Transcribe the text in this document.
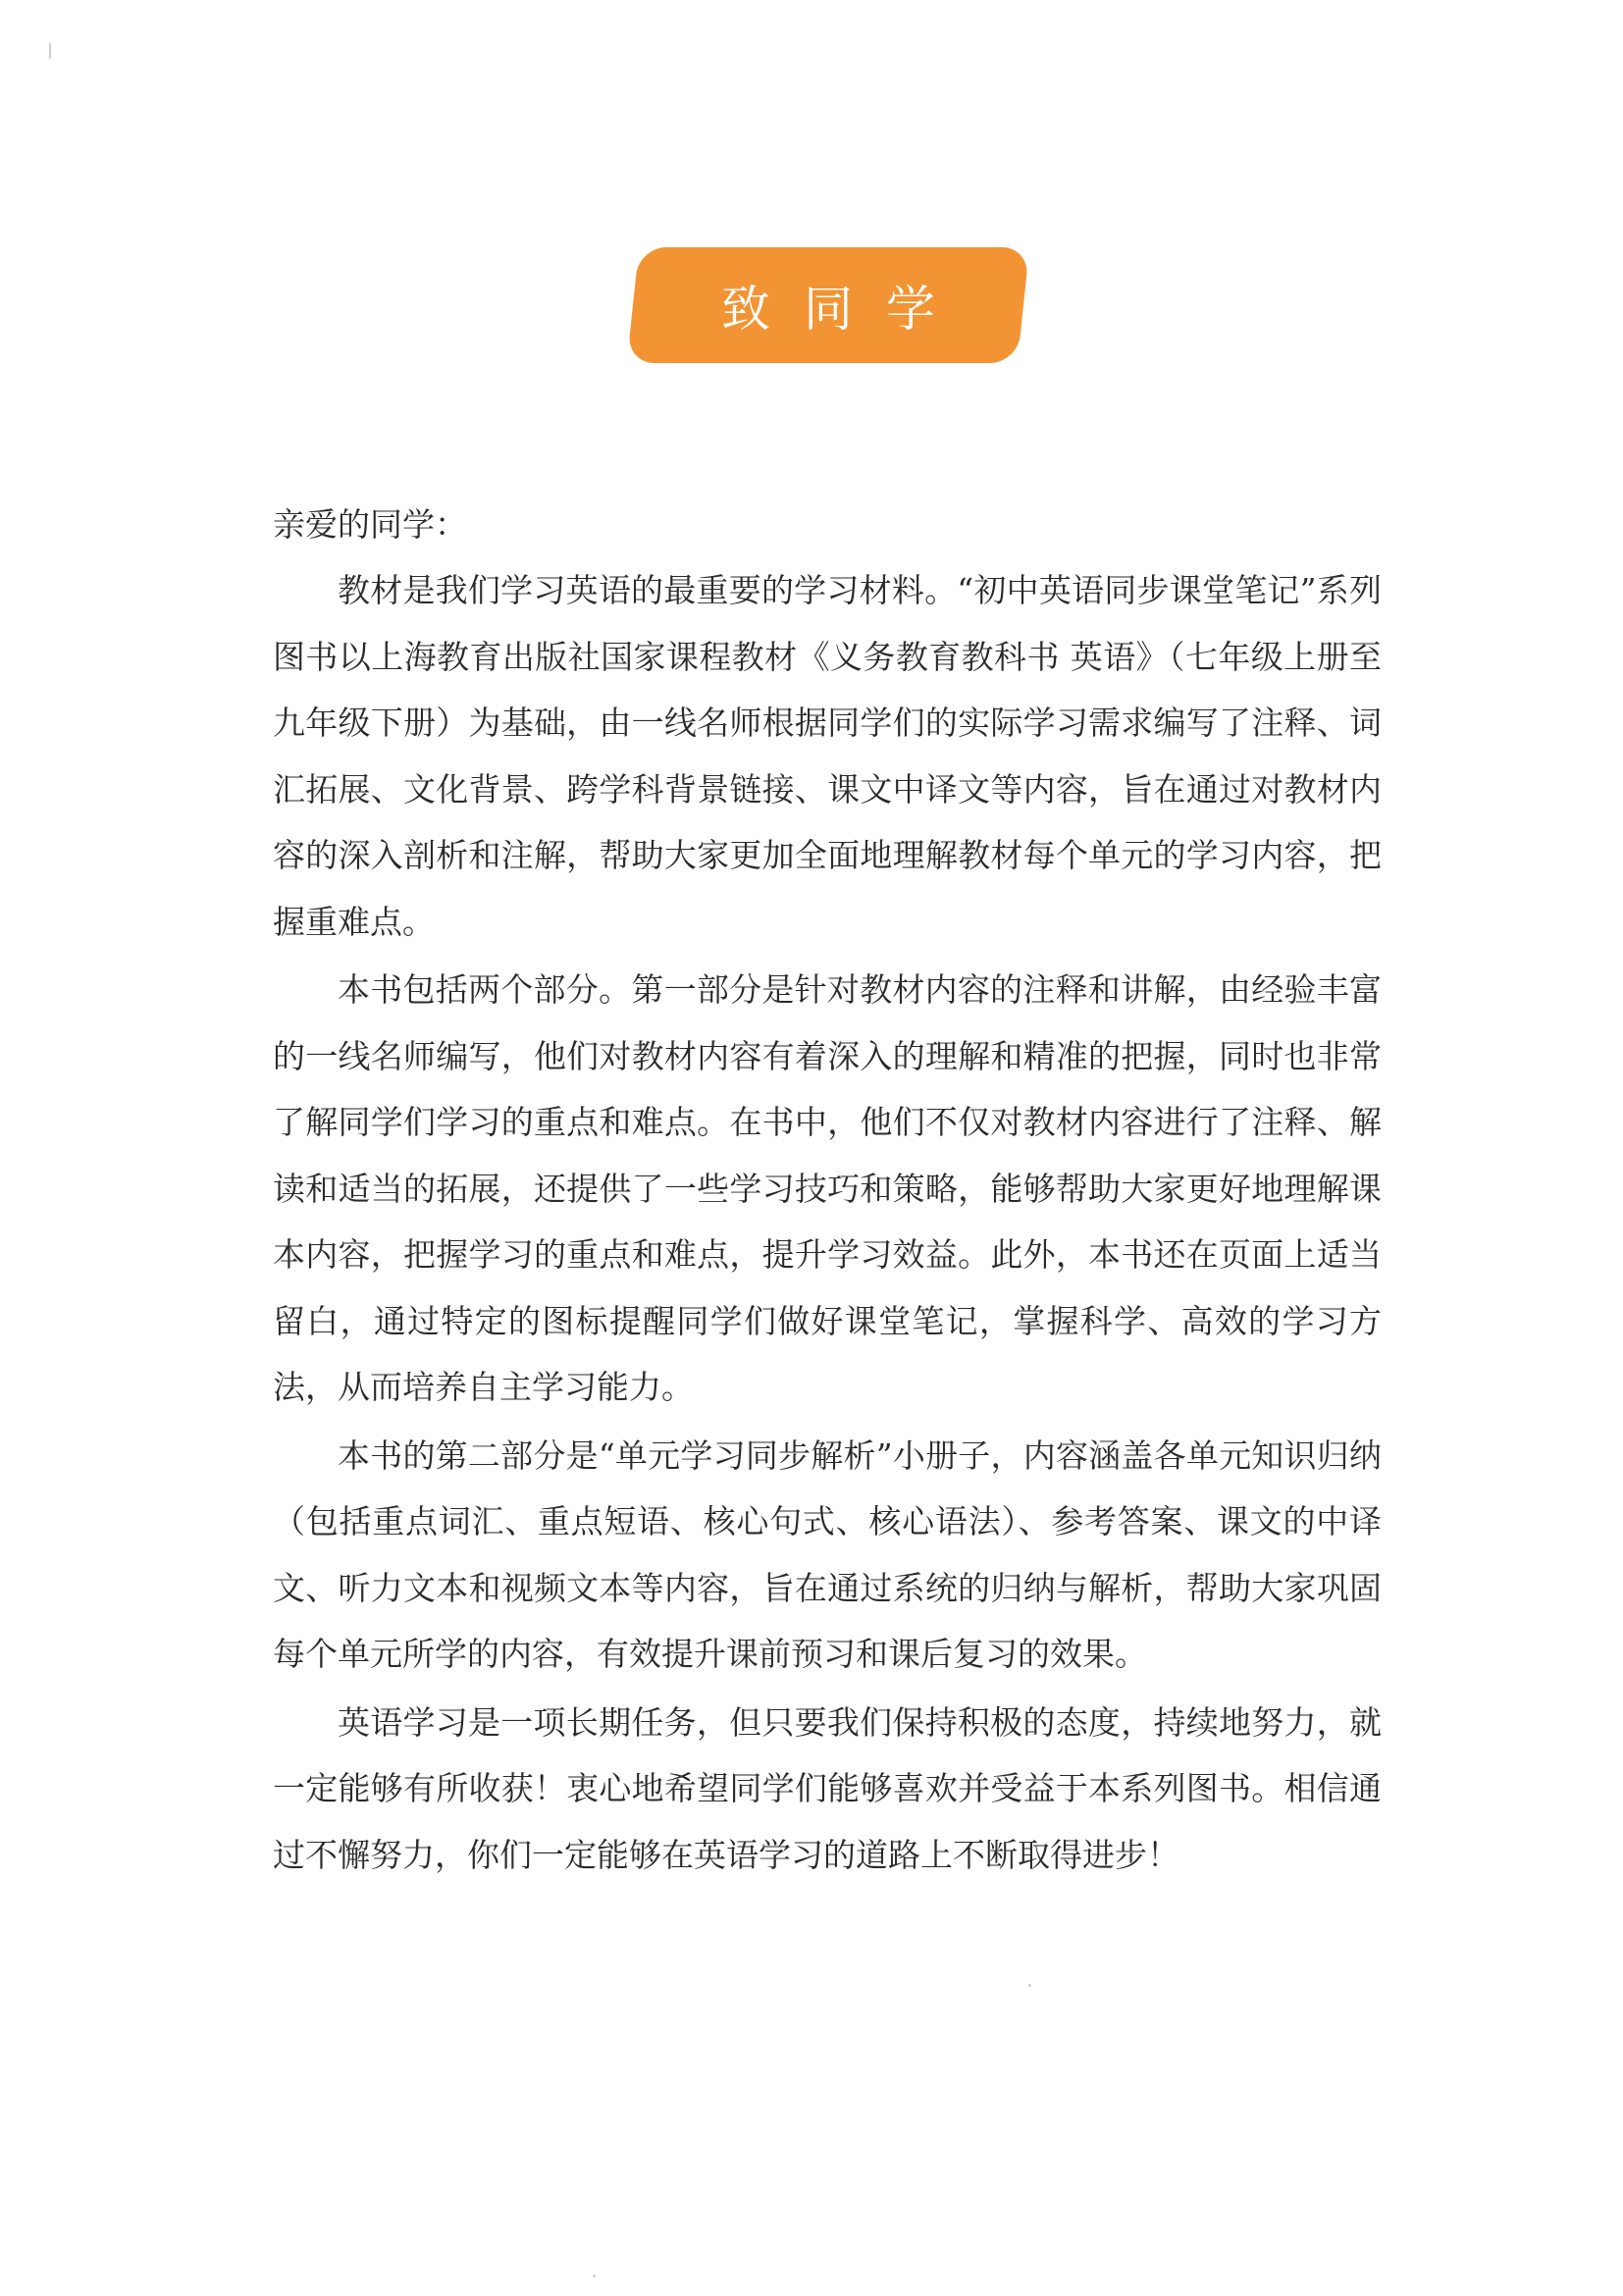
致同学

亲爱的同学：

教材是我们学习英语的最重要的学习材料。“初中英语同步课堂笔记”系列图书以上海教育出版社国家课程教材《义务教育教科书 英语》（七年级上册至九年级下册）为基础，由一线名师根据同学们的实际学习需求编写了注释、词汇拓展、文化背景、跨学科背景链接、课文中译文等内容，旨在通过对教材内容的深入剖析和注解，帮助大家更加全面地理解教材每个单元的学习内容，把握重难点。

本书包括两个部分。第一部分是针对教材内容的注释和讲解，由经验丰富的一线名师编写，他们对教材内容有着深入的理解和精准的把握，同时也非常了解同学们学习的重点和难点。在书中，他们不仅对教材内容进行了注释、解读和适当的拓展，还提供了一些学习技巧和策略，能够帮助大家更好地理解课本内容，把握学习的重点和难点，提升学习效益。此外，本书还在页面上适当留白，通过特定的图标提醒同学们做好课堂笔记，掌握科学、高效的学习方法，从而培养自主学习能力。

本书的第二部分是“单元学习同步解析”小册子，内容涵盖各单元知识归纳（包括重点词汇、重点短语、核心句式、核心语法）、参考答案、课文的中译文、听力文本和视频文本等内容，旨在通过系统的归纳与解析，帮助大家巩固每个单元所学的内容，有效提升课前预习和课后复习的效果。

英语学习是一项长期任务，但只要我们保持积极的态度，持续地努力，就一定能够有所收获！衷心地希望同学们能够喜欢并受益于本系列图书。相信通过不懈努力，你们一定能够在英语学习的道路上不断取得进步！
